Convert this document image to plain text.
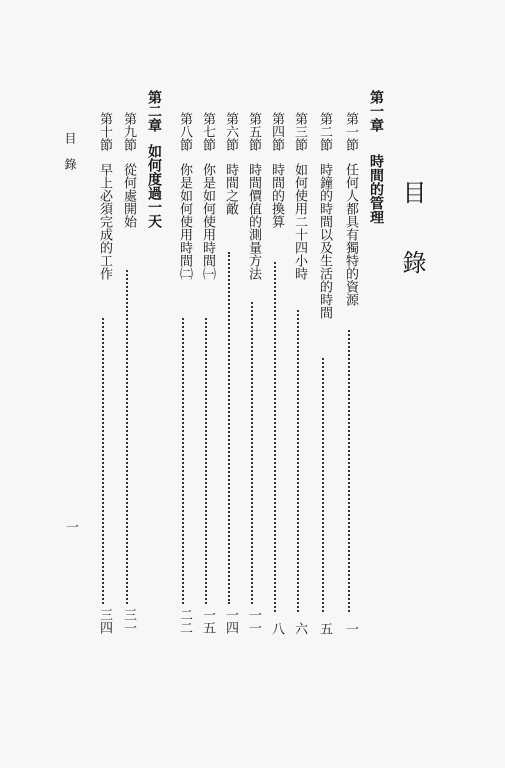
目
錄
第一章時間的管理
第一節任何人都具有獨特的資源
一
第二節時鐘的時間以及生活的時間
五
第三節如何使用二十四小時
六
第四節時間的換算
八
第五節時間價值的測量方法
一一
第六節時間之敵
一四
第七節你是如何使用時間㈠
一五
第八節你是如何使用時間㈡
二二
第二章如何度過一天
第九節從何處開始
三一
第十節早上必須完成的工作
三四
目 錄
一
